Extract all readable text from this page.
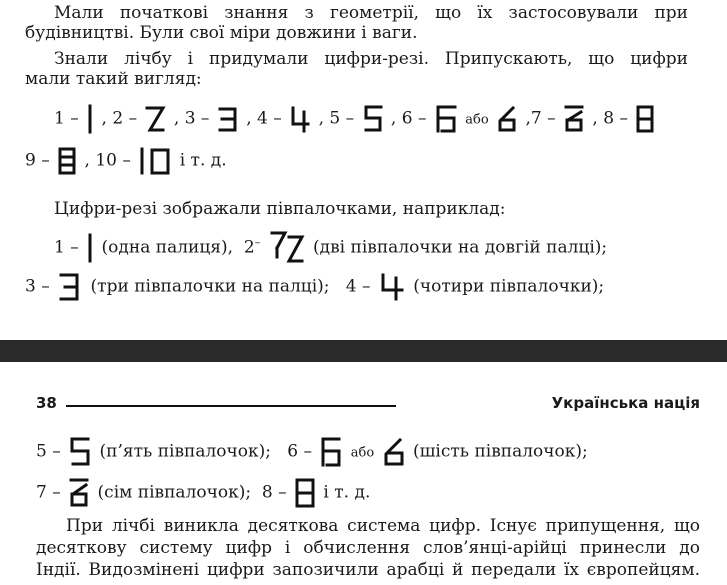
Мали початкові знання з геометрії, що їх застосовували при
будівництві. Були свої міри довжини і ваги.
Знали лічбу і придумали цифри-резі. Припускають, що цифри
мали такий вигляд:
1 – , 2 – , 3 – , 4 – , 5 – , 6 –	або ,7 – , 8 –
9 – , 10 –	і т. д.
Цифри-резі зображали півпалочками, наприклад:
1 – (одна палиця), 2–	(дві півпалочки на довгій палці);
3 – (три півпалочки на палці); 4 –	(чотири півпалочки);
38	Українська нація
5 – (п’ять півпалочок); 6 –	або (шість півпалочок);
7 – (сім півпалочок); 8 – і т. д.
При лічбі виникла десяткова система цифр. Існує припущення, що
десяткову систему цифр і обчислення слов’янці-арійці принесли до
Індії. Видозмінені цифри запозичили арабці й передали їх європейцям.
